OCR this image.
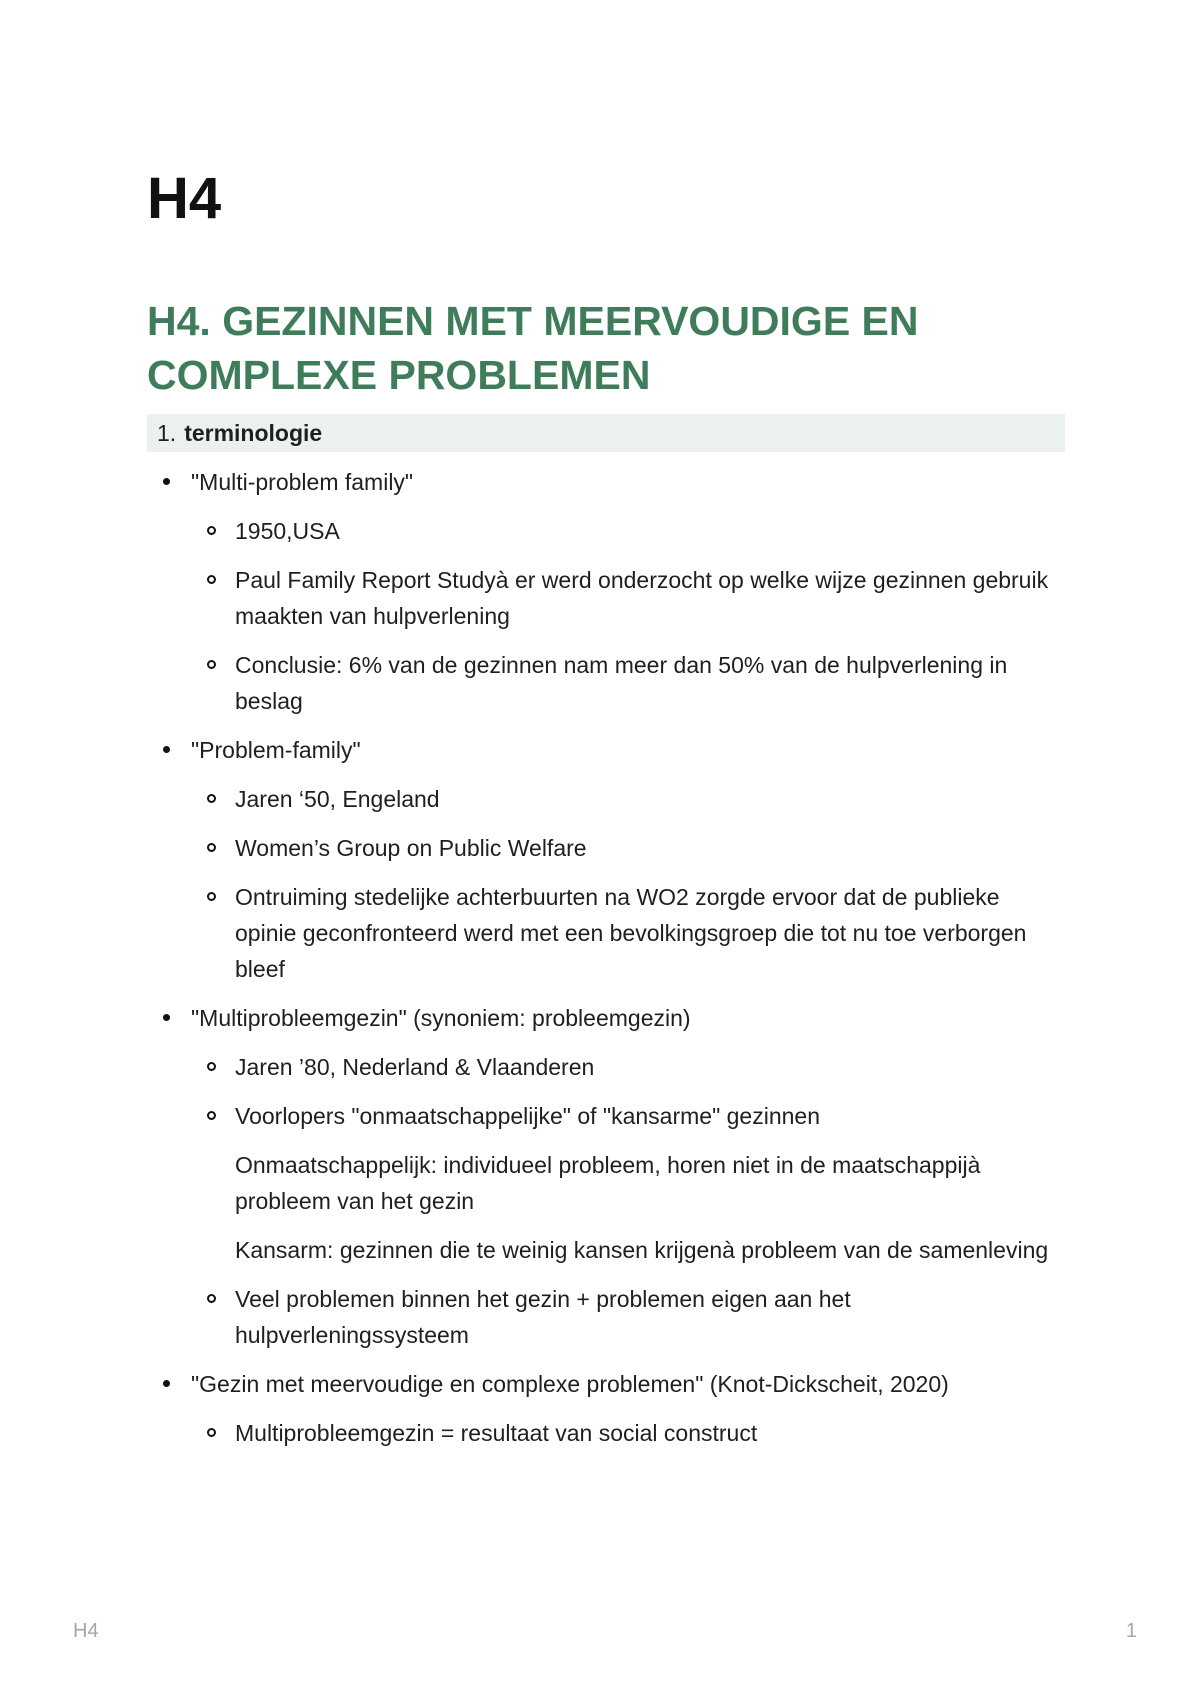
H4
H4. GEZINNEN MET MEERVOUDIGE EN COMPLEXE PROBLEMEN
1. terminologie
"Multi-problem family"
1950,USA
Paul Family Report Studyà er werd onderzocht op welke wijze gezinnen gebruik maakten van hulpverlening
Conclusie: 6% van de gezinnen nam meer dan 50% van de hulpverlening in beslag
"Problem-family"
Jaren ‘50, Engeland
Women’s Group on Public Welfare
Ontruiming stedelijke achterbuurten na WO2 zorgde ervoor dat de publieke opinie geconfronteerd werd met een bevolkingsgroep die tot nu toe verborgen bleef
"Multiprobleemgezin" (synoniem: probleemgezin)
Jaren ’80, Nederland & Vlaanderen
Voorlopers "onmaatschappelijke" of "kansarme" gezinnen
Onmaatschappelijk: individueel probleem, horen niet in de maatschappijà probleem van het gezin
Kansarm: gezinnen die te weinig kansen krijgenà probleem van de samenleving
Veel problemen binnen het gezin + problemen eigen aan het hulpverleningssysteem
"Gezin met meervoudige en complexe problemen" (Knot-Dickscheit, 2020)
Multiprobleemgezin = resultaat van social construct
H4	1
